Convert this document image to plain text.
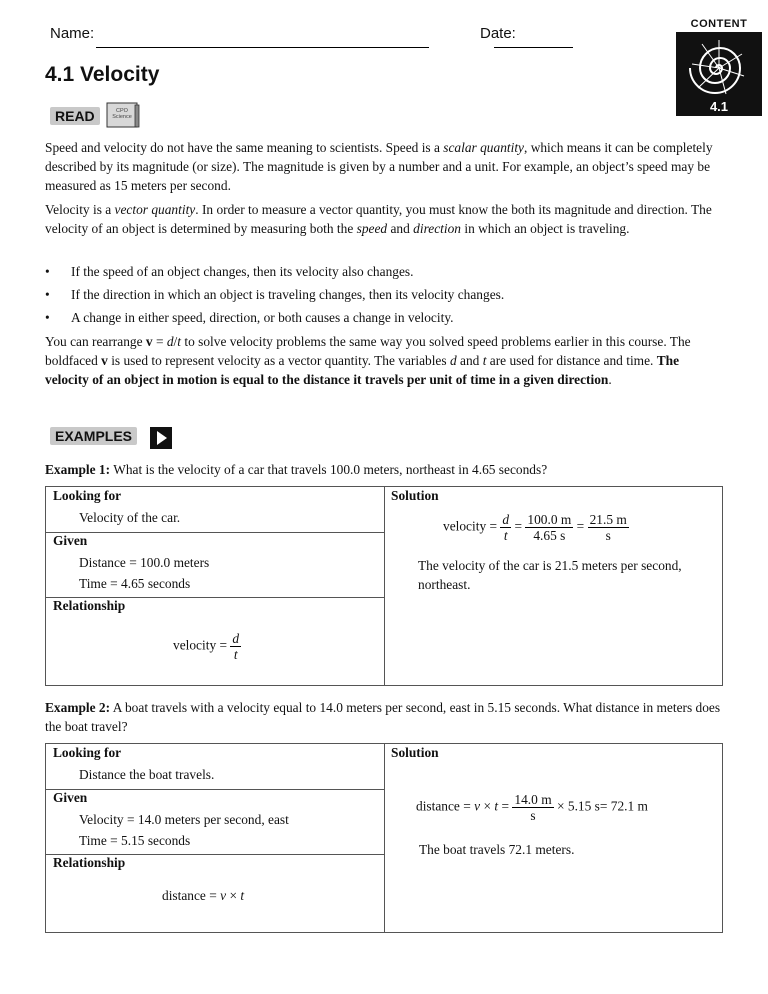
Name:	Date:
4.1 Velocity
CONTENT
4.1
READ	CPO
Science
Speed and velocity do not have the same meaning to scientists. Speed is a scalar quantity, which means it can be completely described by its magnitude (or size). The magnitude is given by a number and a unit. For example, an object’s speed may be measured as 15 meters per second.
Velocity is a vector quantity. In order to measure a vector quantity, you must know the both its magnitude and direction. The velocity of an object is determined by measuring both the speed and direction in which an object is traveling.
• If the speed of an object changes, then its velocity also changes.
• If the direction in which an object is traveling changes, then its velocity changes.
• A change in either speed, direction, or both causes a change in velocity.
You can rearrange v = d/t to solve velocity problems the same way you solved speed problems earlier in this course. The boldfaced v is used to represent velocity as a vector quantity. The variables d and t are used for distance and time. The velocity of an object in motion is equal to the distance it travels per unit of time in a given direction.
EXAMPLES
Example 1: What is the velocity of a car that travels 100.0 meters, northeast in 4.65 seconds?
Looking for
Velocity of the car.
Given
Distance = 100.0 meters
Time = 4.65 seconds
Relationship
velocity = $\frac{d}{t}$
Solution
velocity = $\frac{d}{t} = \frac{100.0 m}{4.65 s} = \frac{21.5 m}{s}$
The velocity of the car is 21.5 meters per second, northeast.
Example 2: A boat travels with a velocity equal to 14.0 meters per second, east in 5.15 seconds. What distance in meters does the boat travel?
Looking for
Distance the boat travels.
Given
Velocity = 14.0 meters per second, east
Time = 5.15 seconds
Relationship
distance = v × t
Solution
distance = $v \times t = \frac{14.0 m}{s} \times 5.15$ s= 72.1 m
The boat travels 72.1 meters.
